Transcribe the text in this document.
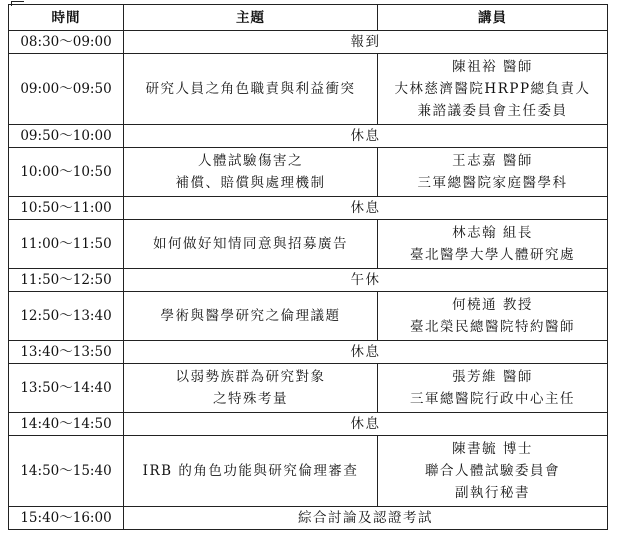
時間	主題	講員
08:30～09:00	報到	
09:00～09:50	研究人員之角色職責與利益衝突	陳祖裕 醫師
大林慈濟醫院HRPP總負責人
兼諮議委員會主任委員

09:50～10:00	休息	
10:00～10:50	人體試驗傷害之
補償、賠償與處理機制	王志嘉 醫師
三軍總醫院家庭醫學科

10:50～11:00	休息	
11:00～11:50	如何做好知情同意與招募廣告	林志翰 組長
臺北醫學大學人體研究處

11:50～12:50	午休	
12:50～13:40	學術與醫學研究之倫理議題	何橈通 教授
臺北榮民總醫院特約醫師

13:40～13:50	休息	
13:50～14:40	以弱勢族群為研究對象
之特殊考量	張芳維 醫師
三軍總醫院行政中心主任

14:40～14:50	休息	
14:50～15:40	IRB 的角色功能與研究倫理審查	陳書毓 博士
聯合人體試驗委員會
副執行秘書

15:40～16:00	綜合討論及認證考試	
